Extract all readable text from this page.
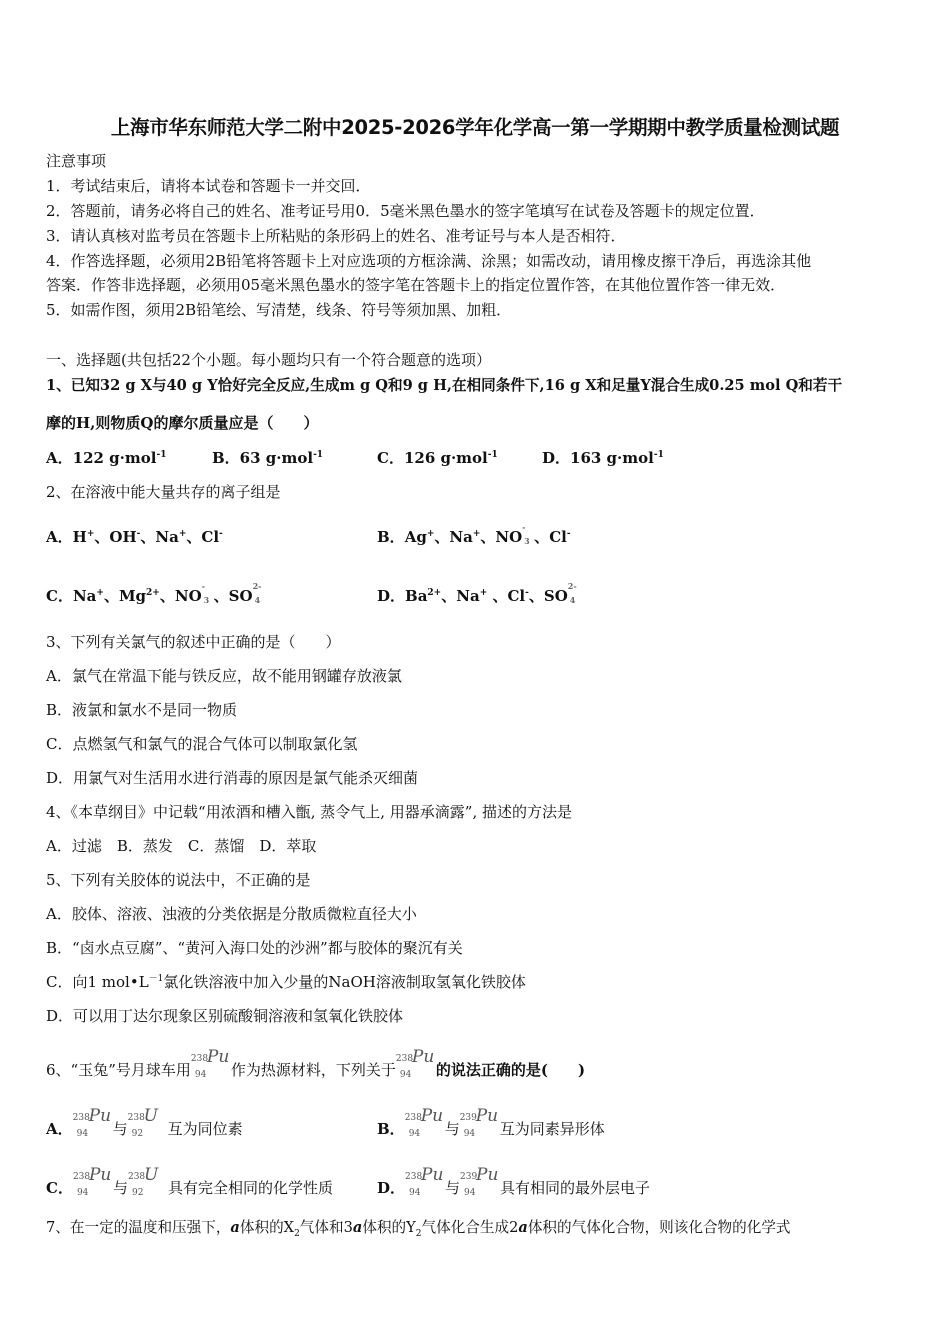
上海市华东师范大学二附中2025-2026学年化学高一第一学期期中教学质量检测试题
注意事项
1．考试结束后，请将本试卷和答题卡一并交回．
2．答题前，请务必将自己的姓名、准考证号用0．5毫米黑色墨水的签字笔填写在试卷及答题卡的规定位置．
3．请认真核对监考员在答题卡上所粘贴的条形码上的姓名、准考证号与本人是否相符．
4．作答选择题，必须用2B铅笔将答题卡上对应选项的方框涂满、涂黑；如需改动，请用橡皮擦干净后，再选涂其他
答案．作答非选择题，必须用05毫米黑色墨水的签字笔在答题卡上的指定位置作答，在其他位置作答一律无效．
5．如需作图，须用2B铅笔绘、写清楚，线条、符号等须加黑、加粗．
一、选择题(共包括22个小题。每小题均只有一个符合题意的选项）
1、已知32 g X与40 g Y恰好完全反应,生成m g Q和9 g H,在相同条件下,16 g X和足量Y混合生成0.25 mol Q和若干
摩的H,则物质Q的摩尔质量应是（　　）
A．122 g·mol$^{-1}$	B．63 g·mol$^{-1}$	C．126 g·mol$^{-1}$	D．163 g·mol$^{-1}$
2、在溶液中能大量共存的离子组是
A．H+、OH-、Na+、Cl-	B．Ag+、Na+、NO
-
3 、Cl-
C．Na+、$Mg^{2+}$、NO
-
3 、SO
2-
4	D．$Ba^{2+}$、Na+ 、Cl-、SO
2-
4
3、下列有关氯气的叙述中正确的是（　　）
A．氯气在常温下能与铁反应，故不能用钢罐存放液氯
B．液氯和氯水不是同一物质
C．点燃氢气和氯气的混合气体可以制取氯化氢
D．用氯气对生活用水进行消毒的原因是氯气能杀灭细菌
4、《本草纲目》中记载“用浓酒和槽入甑, 蒸令气上, 用器承滴露”, 描述的方法是
A．过滤　B．蒸发　C．蒸馏　D．萃取
5、下列有关胶体的说法中，不正确的是
A．胶体、溶液、浊液的分类依据是分散质微粒直径大小
B．“卤水点豆腐”、“黄河入海口处的沙洲”都与胶体的聚沉有关
C．向1 $mol•L^{-1}$氯化铁溶液中加入少量的NaOH溶液制取氢氧化铁胶体
D．可以用丁达尔现象区别硫酸铜溶液和氢氧化铁胶体
6、“玉兔”号月球车用
238
94
Pu
作为热源材料，下列关于
238
94
Pu
的说法正确的是(　　)
A．
238
94
Pu
与
238
92
U
互为同位素	B．
238
94
Pu
与
239
94
Pu
互为同素异形体
C．
238
94
Pu
与
238
92
U
具有完全相同的化学性质	D．
238
94
Pu
与
239
94
Pu
具有相同的最外层电子
7、在一定的温度和压强下，a体积的$X_2$气体和3a体积的$Y_2$气体化合生成2a体积的气体化合物，则该化合物的化学式
